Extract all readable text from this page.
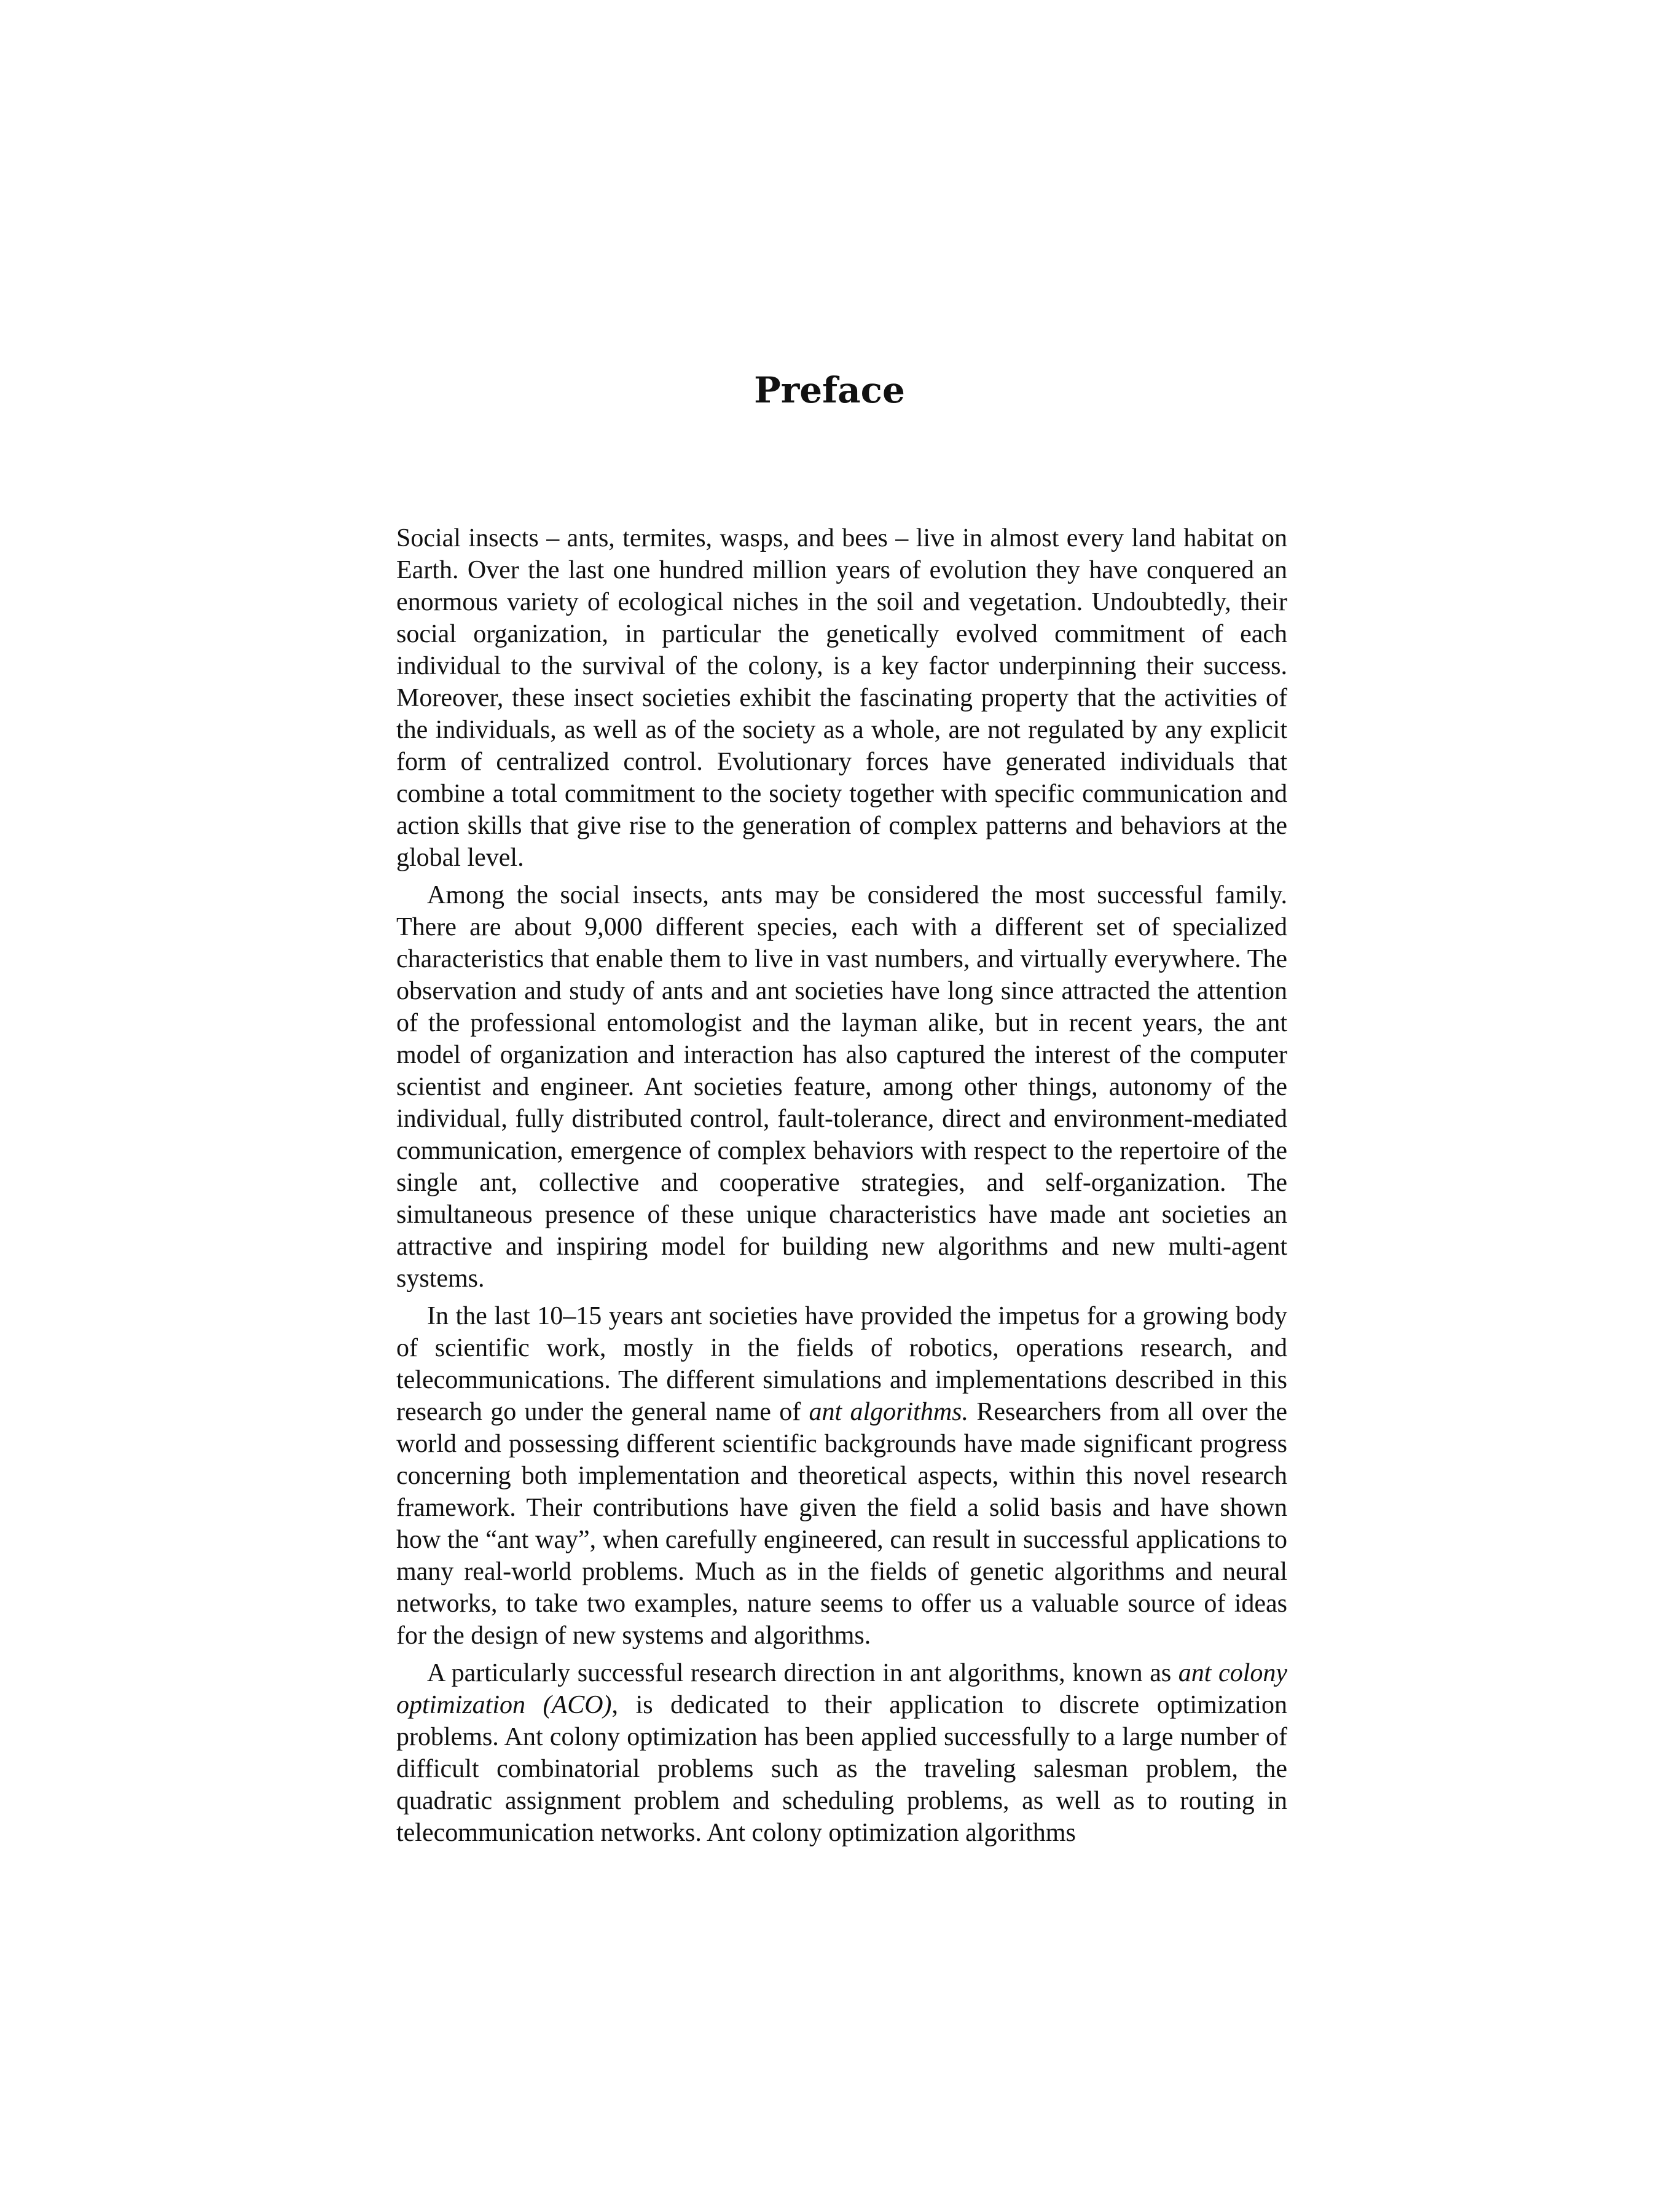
Preface

Social insects – ants, termites, wasps, and bees – live in almost every land habitat on Earth. Over the last one hundred million years of evolution they have conquered an enormous variety of ecological niches in the soil and vegetation. Undoubtedly, their social organization, in particular the genetically evolved commitment of each individual to the survival of the colony, is a key factor underpinning their success. Moreover, these insect societies exhibit the fascinating property that the activities of the individuals, as well as of the society as a whole, are not regulated by any explicit form of centralized control. Evolutionary forces have generated individuals that combine a total commitment to the society together with specific communication and action skills that give rise to the generation of complex patterns and behaviors at the global level.

Among the social insects, ants may be considered the most successful family. There are about 9,000 different species, each with a different set of specialized characteristics that enable them to live in vast numbers, and virtually everywhere. The observation and study of ants and ant societies have long since attracted the attention of the professional entomologist and the layman alike, but in recent years, the ant model of organization and interaction has also captured the interest of the computer scientist and engineer. Ant societies feature, among other things, autonomy of the individual, fully distributed control, fault-tolerance, direct and environment-mediated communication, emergence of complex behaviors with respect to the repertoire of the single ant, collective and cooperative strategies, and self-organization. The simultaneous presence of these unique characteristics have made ant societies an attractive and inspiring model for building new algorithms and new multi-agent systems.

In the last 10–15 years ant societies have provided the impetus for a growing body of scientific work, mostly in the fields of robotics, operations research, and telecommunications. The different simulations and implementations described in this research go under the general name of ant algorithms. Researchers from all over the world and possessing different scientific backgrounds have made significant progress concerning both implementation and theoretical aspects, within this novel research framework. Their contributions have given the field a solid basis and have shown how the “ant way”, when carefully engineered, can result in successful applications to many real-world problems. Much as in the fields of genetic algorithms and neural networks, to take two examples, nature seems to offer us a valuable source of ideas for the design of new systems and algorithms.

A particularly successful research direction in ant algorithms, known as ant colony optimization (ACO), is dedicated to their application to discrete optimization problems. Ant colony optimization has been applied successfully to a large number of difficult combinatorial problems such as the traveling salesman problem, the quadratic assignment problem and scheduling problems, as well as to routing in telecommunication networks. Ant colony optimization algorithms
